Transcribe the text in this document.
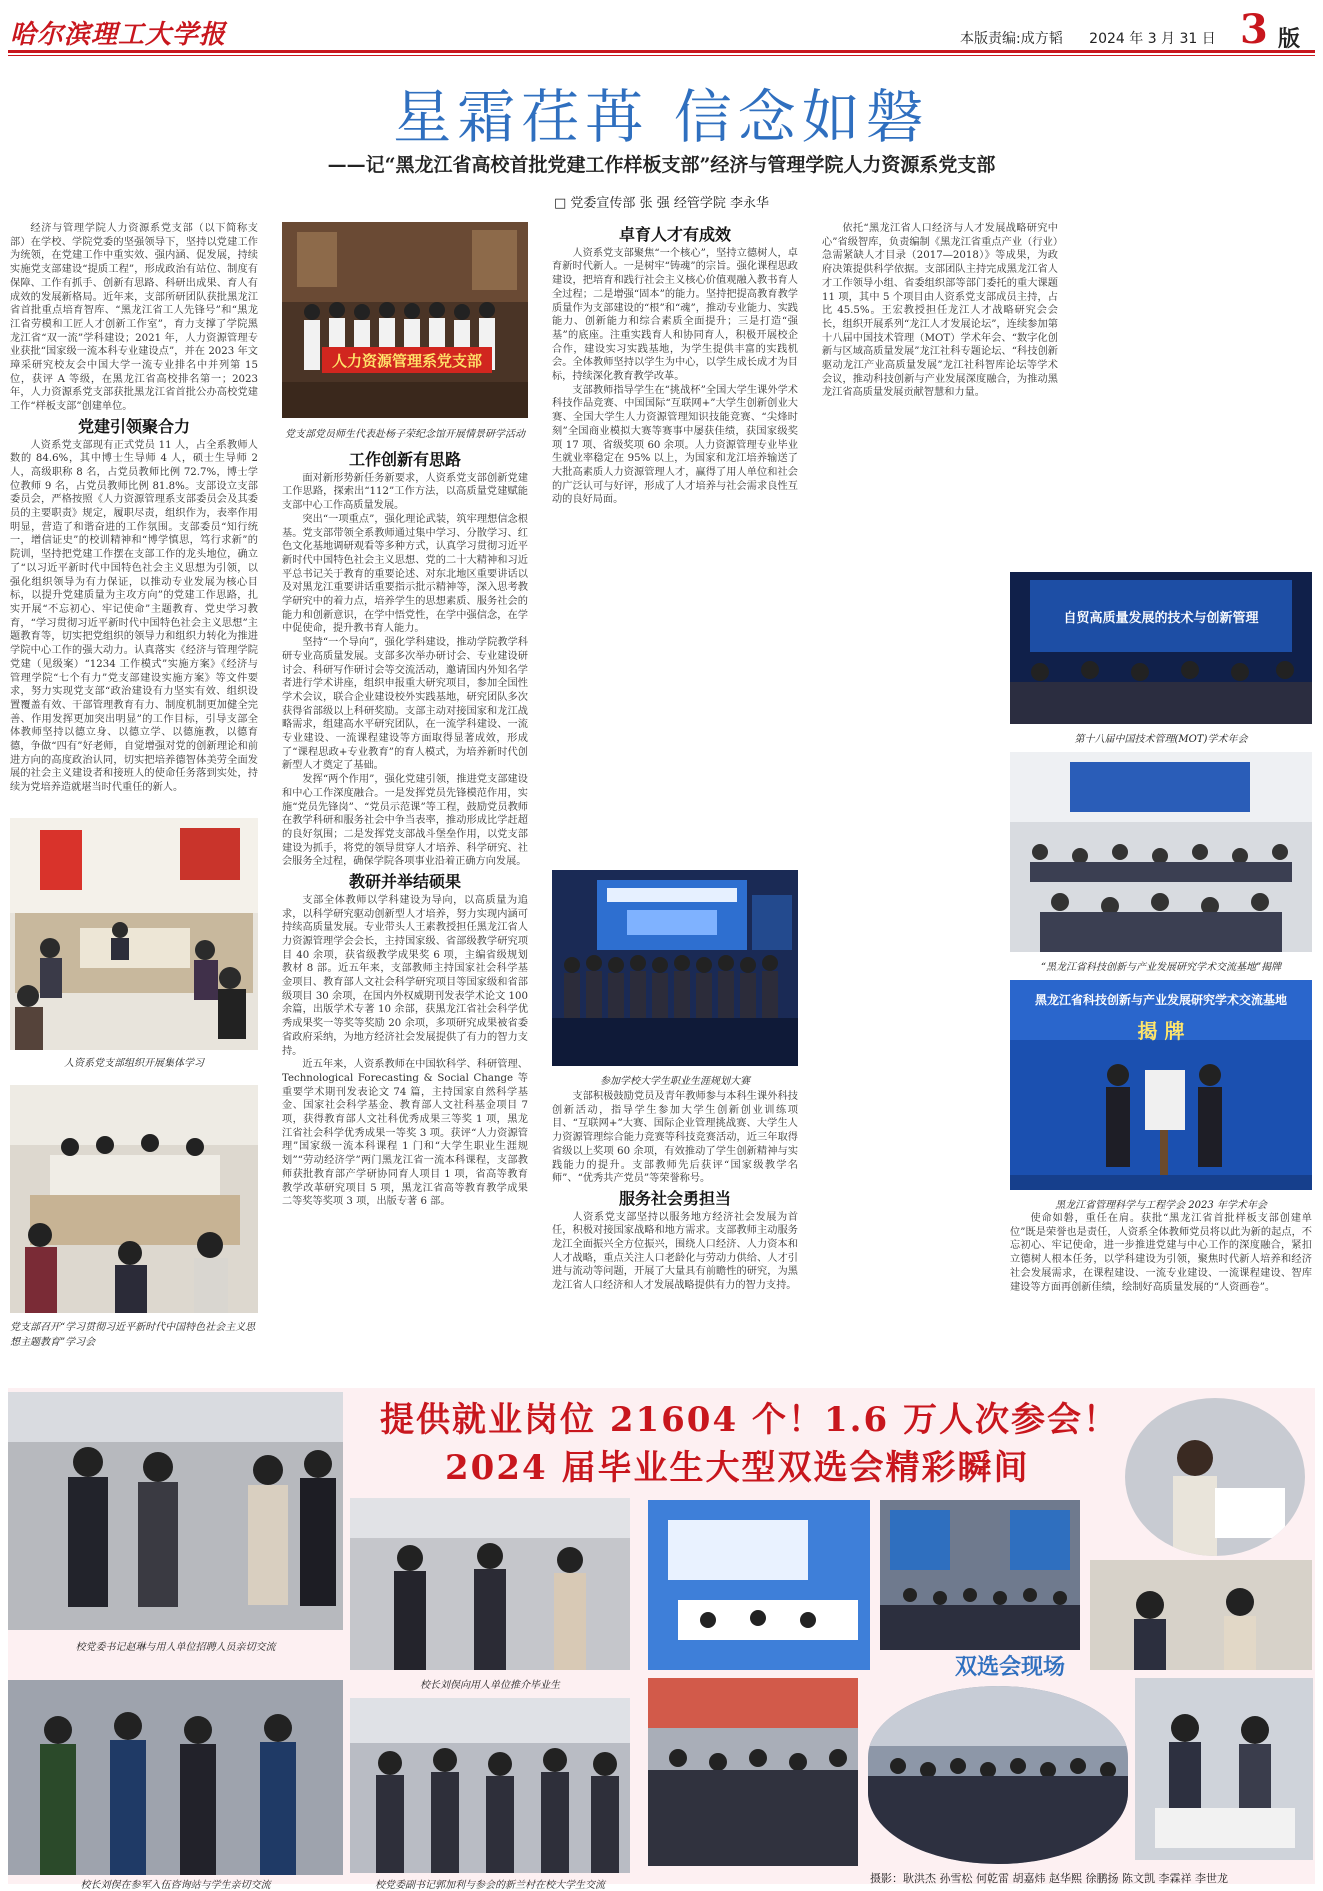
哈尔滨理工大学报	本版责编:成方韬 2024 年 3 月 31 日 3 版
星霜荏苒 信念如磐
——记“黑龙江省高校首批党建工作样板支部”经济与管理学院人力资源系党支部
□ 党委宣传部 张 强 经管学院 李永华

经济与管理学院人力资源系党支部（以下简称支部）在学校、学院党委的坚强领导下，坚持以党建工作为统领，在党建工作中重实效、强内涵、促发展，持续实施党支部建设“提质工程”，形成政治有站位、制度有保障、工作有抓手、创新有思路、科研出成果、育人有成效的发展新格局。近年来，支部所研团队获批黑龙江省首批重点培育智库、“黑龙江省工人先锋号”和“黑龙江省劳模和工匠人才创新工作室”，育力支撑了学院黑龙江省“双一流”学科建设；2021 年，人力资源管理专业获批“国家级一流本科专业建设点”，并在 2023 年文璋采研究校友会中国大学一流专业排名中并列第 15 位，获评 A 等级，在黑龙江省高校排名第一；2023 年，人力资源系党支部获批黑龙江省首批公办高校党建工作“样板支部”创建单位。

党建引领聚合力

人资系党支部现有正式党员 11 人，占全系教师人数的 84.6%，其中博士生导师 4 人，硕士生导师 2 人，高级职称 8 名，占党员教师比例 72.7%，博士学位教师 9 名，占党员教师比例 81.8%。支部设立支部委员会，严格按照《人力资源管理系支部委员会及其委员的主要职责》规定，履职尽责，组织作为，表率作用明显，营造了和谐奋进的工作氛围。支部委员“知行统一，增信证史”的校训精神和“博学慎思，笃行求新”的院训，坚持把党建工作摆在支部工作的龙头地位，确立了“以习近平新时代中国特色社会主义思想为引领，以强化组织领导为有力保证，以推动专业发展为核心目标，以提升党建质量为主攻方向”的党建工作思路，扎实开展“不忘初心、牢记使命”主题教育、党史学习教育，“学习贯彻习近平新时代中国特色社会主义思想”主题教育等，切实把党组织的领导力和组织力转化为推进学院中心工作的强大动力。认真落实《经济与管理学院党建（见级案）“1234 工作模式”实施方案》《经济与管理学院“七个有力”党支部建设实施方案》等文件要求，努力实现党支部“政治建设有力坚实有效、组织设置覆盖有效、干部管理教育有力、制度机制更加健全完善、作用发挥更加突出明显”的工作目标，引导支部全体教师坚持以德立身、以德立学、以德施教，以德育德，争做“四有”好老师，自觉增强对党的创新理论和前进方向的高度政治认同，切实把培养德智体美劳全面发展的社会主义建设者和接班人的使命任务落到实处，持续为党培养造就堪当时代重任的新人。

人资系党支部组织开展集体学习
党支部召开“学习贯彻习近平新时代中国特色社会主义思想主题教育”学习会
人力资源管理系党支部
党支部党员师生代表赴杨子荣纪念馆开展情景研学活动
工作创新有思路

面对新形势新任务新要求，人资系党支部创新党建工作思路，探索出“112”工作方法，以高质量党建赋能支部中心工作高质量发展。

突出“一项重点”，强化理论武装，筑牢理想信念根基。党支部带领全系教师通过集中学习、分散学习、红色文化基地调研观看等多种方式，认真学习贯彻习近平新时代中国特色社会主义思想、党的二十大精神和习近平总书记关于教育的重要论述、对东北地区重要讲话以及对黑龙江重要讲话重要指示批示精神等，深入思考教学研究中的着力点，培养学生的思想素质、服务社会的能力和创新意识，在学中悟党性，在学中强信念，在学中促使命，提升教书育人能力。

坚持“一个导向”，强化学科建设，推动学院教学科研专业高质量发展。支部多次举办研讨会、专业建设研讨会、科研写作研讨会等交流活动，邀请国内外知名学者进行学术讲座，组织申报重大研究项目，参加全国性学术会议，联合企业建设校外实践基地，研究团队多次获得省部级以上科研奖励。支部主动对接国家和龙江战略需求，组建高水平研究团队，在一流学科建设、一流专业建设、一流课程建设等方面取得显著成效，形成了“课程思政+专业教育”的育人模式，为培养新时代创新型人才奠定了基础。

发挥“两个作用”，强化党建引领，推进党支部建设和中心工作深度融合。一是发挥党员先锋模范作用，实施“党员先锋岗”、“党员示范课”等工程，鼓励党员教师在教学科研和服务社会中争当表率，推动形成比学赶超的良好氛围；二是发挥党支部战斗堡垒作用，以党支部建设为抓手，将党的领导贯穿人才培养、科学研究、社会服务全过程，确保学院各项事业沿着正确方向发展。

教研并举结硕果

支部全体教师以学科建设为导向，以高质量为追求，以科学研究驱动创新型人才培养，努力实现内涵可持续高质量发展。专业带头人王素教授担任黑龙江省人力资源管理学会会长，主持国家级、省部级教学研究项目 40 余项，获省级教学成果奖 6 项，主编省级规划教材 8 部。近五年来，支部教师主持国家社会科学基金项目、教育部人文社会科学研究项目等国家级和省部级项目 30 余项，在国内外权威期刊发表学术论文 100 余篇，出版学术专著 10 余部，获黑龙江省社会科学优秀成果奖一等奖等奖励 20 余项，多项研究成果被省委省政府采纳，为地方经济社会发展提供了有力的智力支持。

近五年来，人资系教师在中国软科学、科研管理、Technological Forecasting & Social Change 等重要学术期刊发表论文 74 篇，主持国家自然科学基金、国家社会科学基金、教育部人文社科基金项目 7 项，获得教育部人文社科优秀成果三等奖 1 项，黑龙江省社会科学优秀成果一等奖 3 项。获评“人力资源管理”国家级一流本科课程 1 门和“大学生职业生涯规划”“劳动经济学”两门黑龙江省一流本科课程，支部教师获批教育部产学研协同育人项目 1 项，省高等教育教学改革研究项目 5 项，黑龙江省高等教育教学成果二等奖等奖项 3 项，出版专著 6 部。

卓育人才有成效

人资系党支部聚焦“一个核心”，坚持立德树人，卓育新时代新人。一是树牢“铸魂”的宗旨。强化课程思政建设，把培育和践行社会主义核心价值观融入教书育人全过程；二是增强“固本”的能力。坚持把提高教育教学质量作为支部建设的“根”和“魂”，推动专业能力、实践能力、创新能力和综合素质全面提升；三是打造“强基”的底座。注重实践育人和协同育人，积极开展校企合作，建设实习实践基地，为学生提供丰富的实践机会。全体教师坚持以学生为中心，以学生成长成才为目标，持续深化教育教学改革。

支部教师指导学生在“挑战杯”全国大学生课外学术科技作品竞赛、中国国际“互联网+”大学生创新创业大赛、全国大学生人力资源管理知识技能竞赛、“尖烽时刻”全国商业模拟大赛等赛事中屡获佳绩，获国家级奖项 17 项、省级奖项 60 余项。人力资源管理专业毕业生就业率稳定在 95% 以上，为国家和龙江培养输送了大批高素质人力资源管理人才，赢得了用人单位和社会的广泛认可与好评，形成了人才培养与社会需求良性互动的良好局面。

参加学校大学生职业生涯规划大赛

支部积极鼓励党员及青年教师参与本科生课外科技创新活动，指导学生参加大学生创新创业训练项目、“互联网+”大赛、国际企业管理挑战赛、大学生人力资源管理综合能力竞赛等科技竞赛活动，近三年取得省级以上奖项 60 余项，有效推动了学生创新精神与实践能力的提升。支部教师先后获评“国家级教学名师”、“优秀共产党员”等荣誉称号。

服务社会勇担当

人资系党支部坚持以服务地方经济社会发展为首任，积极对接国家战略和地方需求。支部教师主动服务龙江全面振兴全方位振兴，围绕人口经济、人力资本和人才战略，重点关注人口老龄化与劳动力供给、人才引进与流动等问题，开展了大量具有前瞻性的研究，为黑龙江省人口经济和人才发展战略提供有力的智力支持。

依托“黑龙江省人口经济与人才发展战略研究中心”省级智库，负责编制《黑龙江省重点产业（行业）急需紧缺人才目录（2017—2018）》等成果，为政府决策提供科学依据。支部团队主持完成黑龙江省人才工作领导小组、省委组织部等部门委托的重大课题 11 项，其中 5 个项目由人资系党支部成员主持，占比 45.5%。王宏教授担任龙江人才战略研究会会长，组织开展系列“龙江人才发展论坛”，连续参加第十八届中国技术管理（MOT）学术年会、“数字化创新与区域高质量发展”龙江社科专题论坛、“科技创新驱动龙江产业高质量发展”龙江社科智库论坛等学术会议，推动科技创新与产业发展深度融合，为推动黑龙江省高质量发展贡献智慧和力量。

自贸高质量发展的技术与创新管理
第十八届中国技术管理(MOT)学术年会
“黑龙江省科技创新与产业发展研究学术交流基地”揭牌
黑龙江省科技创新与产业发展研究学术交流基地
揭 牌
黑龙江省管理科学与工程学会 2023 年学术年会

使命如磐，重任在肩。获批“黑龙江省首批样板支部创建单位”既是荣誉也是责任，人资系全体教师党员将以此为新的起点，不忘初心、牢记使命，进一步推进党建与中心工作的深度融合，紧扣立德树人根本任务，以学科建设为引领，聚焦时代新人培养和经济社会发展需求，在课程建设、一流专业建设、一流课程建设、智库建设等方面再创新佳绩，绘制好高质量发展的“人资画卷”。

提供就业岗位 21604 个！1.6 万人次参会！
2024 届毕业生大型双选会精彩瞬间
校党委书记赵琳与用人单位招聘人员亲切交流
校长刘俣向用人单位推介毕业生
校长刘俣在参军入伍咨询站与学生亲切交流	校党委副书记郭加利与参会的新兰村在校大学生交流
双选会现场
摄影：耿洪杰 孙雪松 何乾雷 胡嘉炜 赵华熙 徐鹏扬 陈文凯 李霖祥 李世龙
